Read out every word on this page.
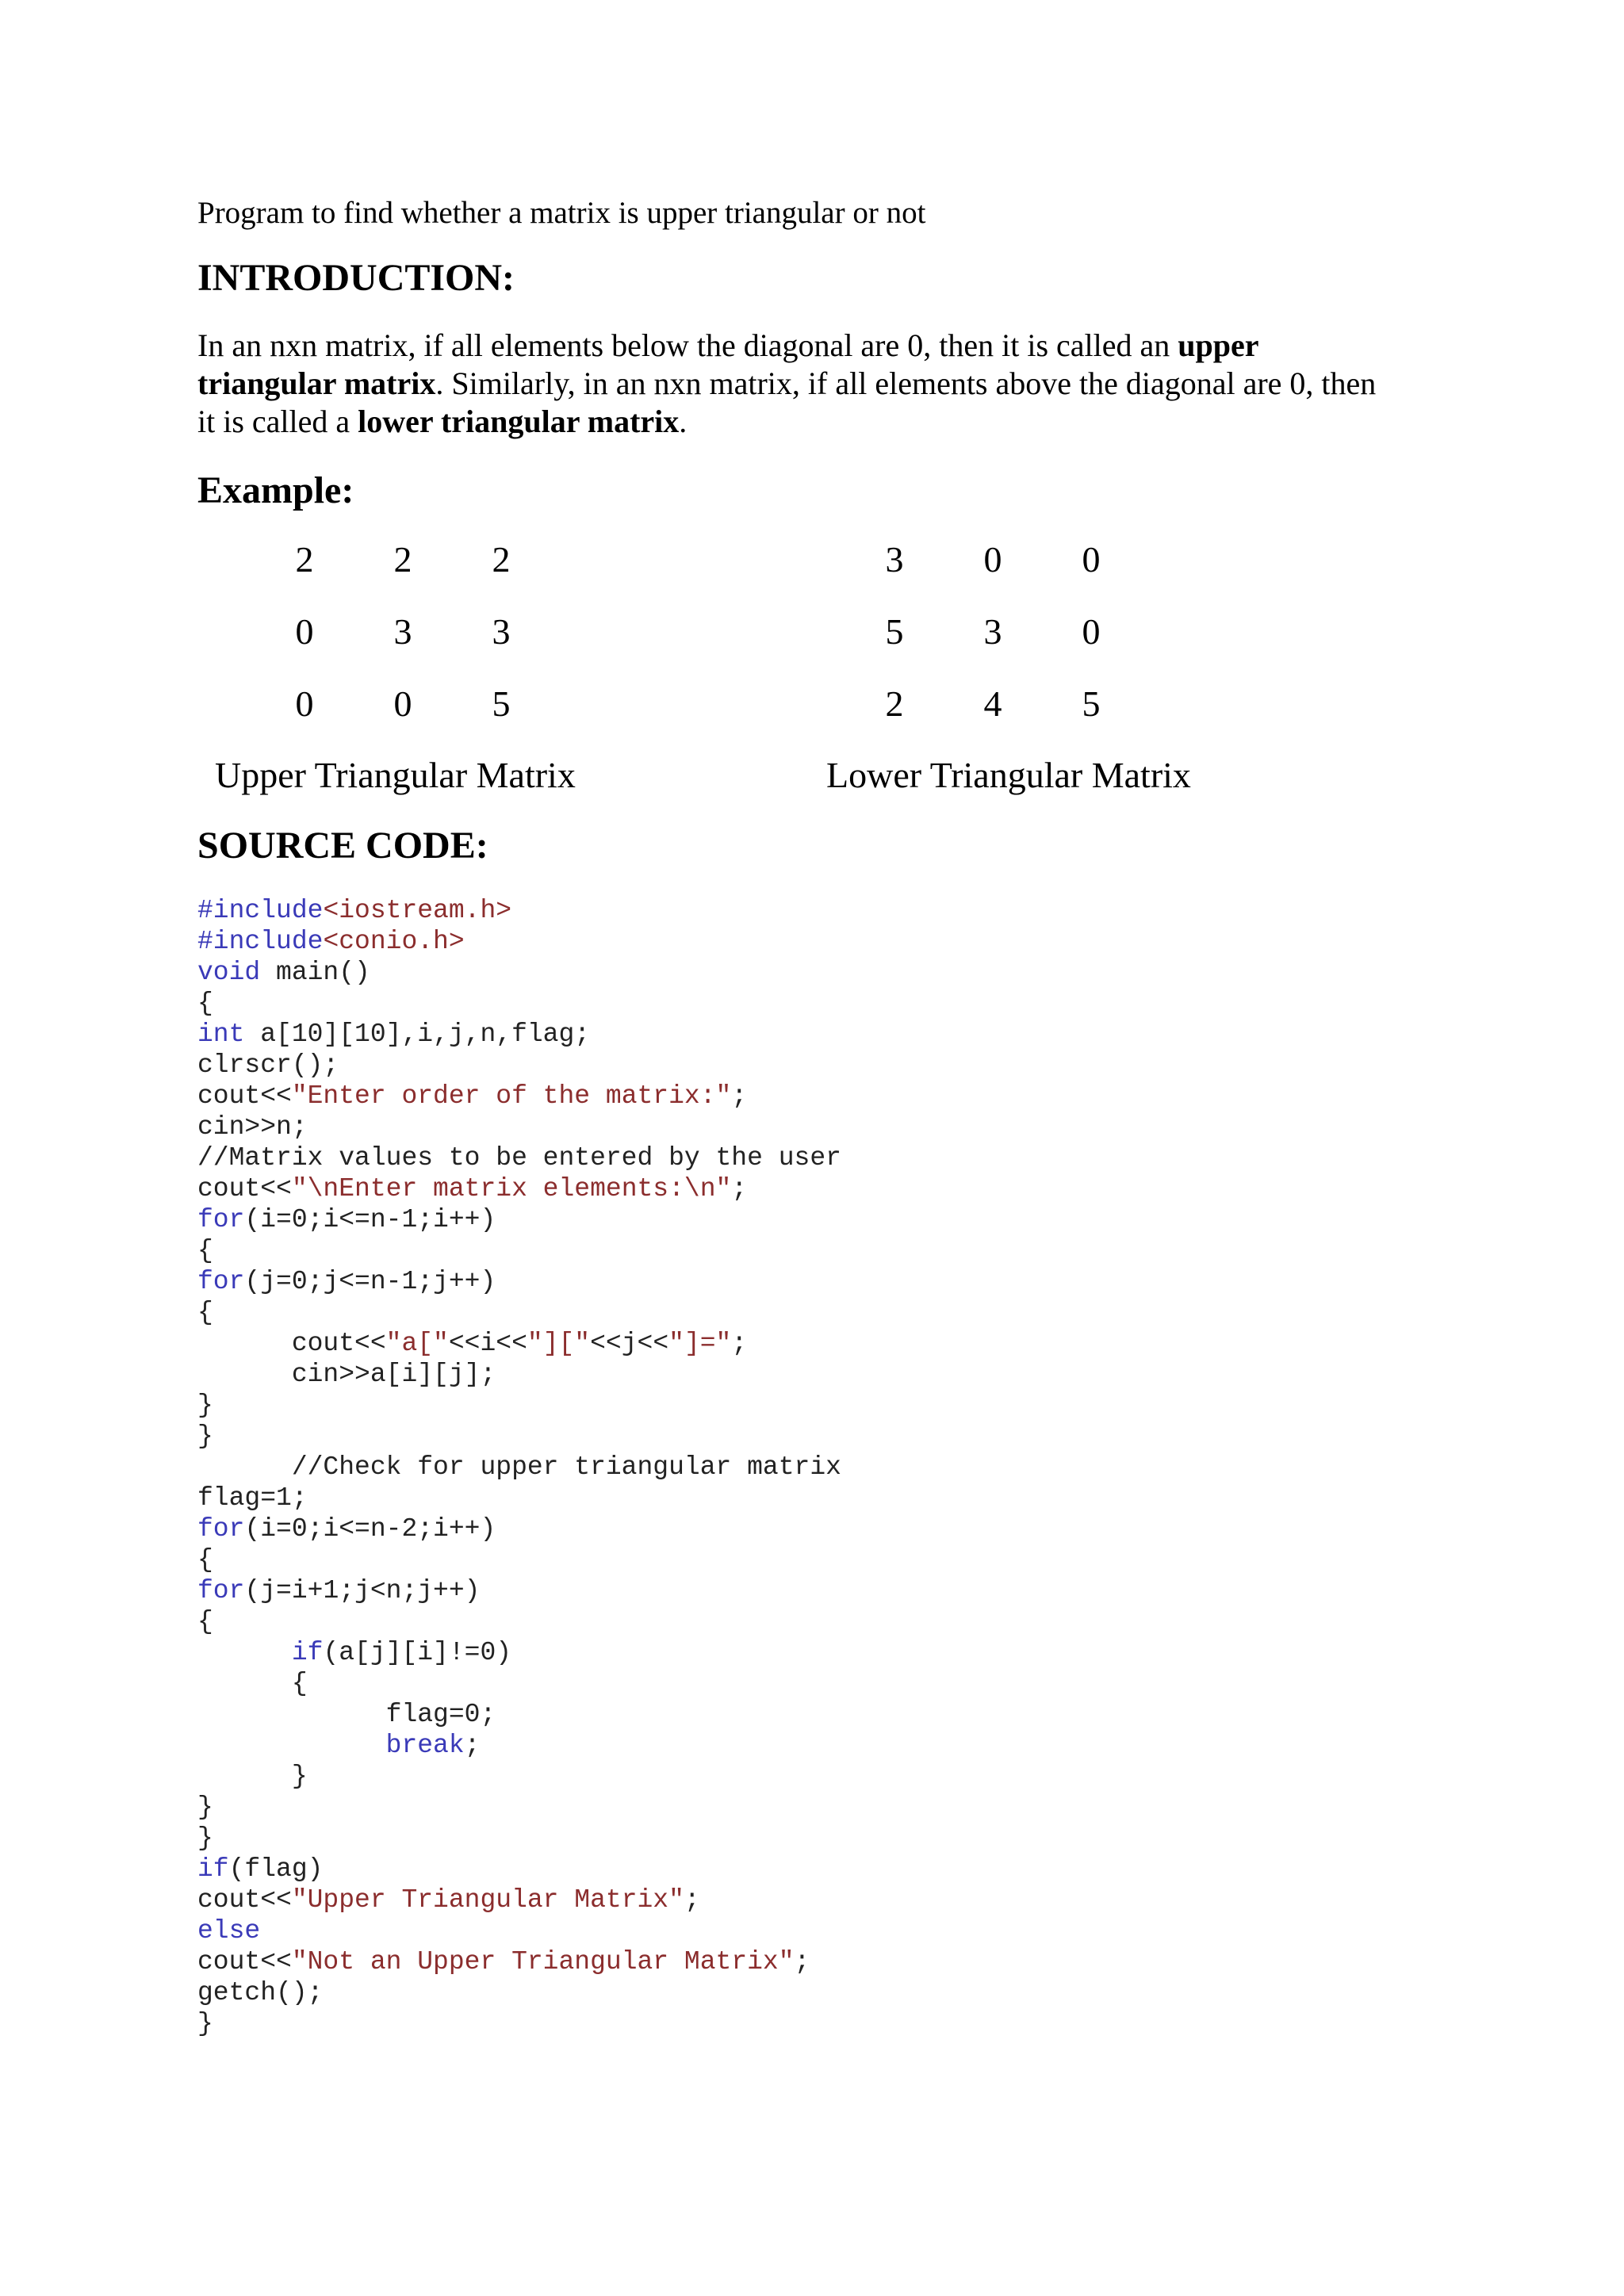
Program to find whether a matrix is upper triangular or not
INTRODUCTION:
In an nxn matrix, if all elements below the diagonal are 0, then it is called an upper
triangular matrix. Similarly, in an nxn matrix, if all elements above the diagonal are 0, then
it is called a lower triangular matrix.
Example:
2	2	2
0	3	3
0	0	5
3	0	0
5	3	0
2	4	5
Upper Triangular Matrix	Lower Triangular Matrix
SOURCE CODE:
#include<iostream.h>
#include<conio.h>
void main()
{
int a[10][10],i,j,n,flag;
clrscr();
cout<<"Enter order of the matrix:";
cin>>n;
//Matrix values to be entered by the user
cout<<"\nEnter matrix elements:\n";
for(i=0;i<=n-1;i++)
{
for(j=0;j<=n-1;j++)
{
cout<<"a["<<i<<"]["<<j<<"]=";
cin>>a[i][j];
}
}
//Check for upper triangular matrix
flag=1;
for(i=0;i<=n-2;i++)
{
for(j=i+1;j<n;j++)
{
if(a[j][i]!=0)
{
flag=0;
break;
}
}
}
if(flag)
cout<<"Upper Triangular Matrix";
else
cout<<"Not an Upper Triangular Matrix";
getch();
}
